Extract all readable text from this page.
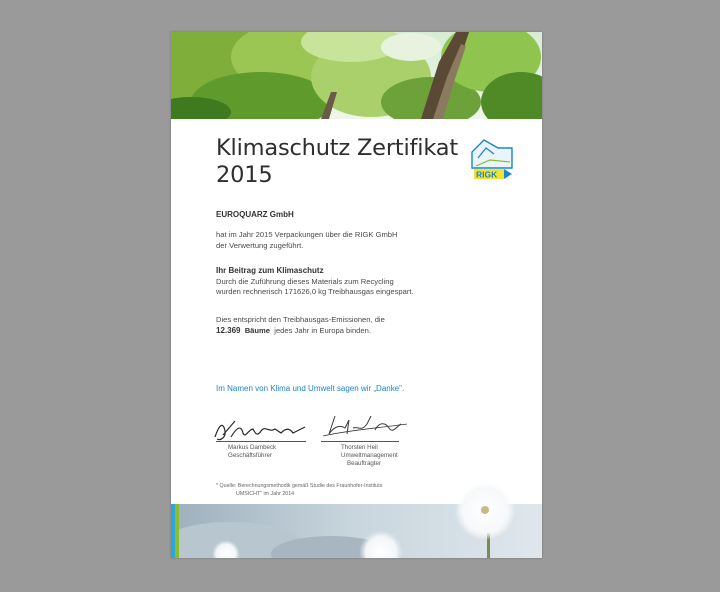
Klimaschutz Zertifikat
2015	RIGK
EUROQUARZ GmbH
hat im Jahr 2015 Verpackungen über die RIGK GmbH
der Verwertung zugeführt.
Ihr Beitrag zum Klimaschutz
Durch die Zuführung dieses Materials zum Recycling
wurden rechnerisch 171626,0 kg Treibhausgas eingespart.
Dies entspricht den Treibhausgas-Emissionen, die
12.369 Bäume jedes Jahr in Europa binden.
Im Namen von Klima und Umwelt sagen wir „Danke".
Markus Dambeck
Geschäftsführer
Thorsten Heil
Umweltmanagement
Beauftragter
* Quelle: Berechnungsmethodik gemäß Studie des Fraunhofer-Instituts
UMSICHT" im Jahr 2014
